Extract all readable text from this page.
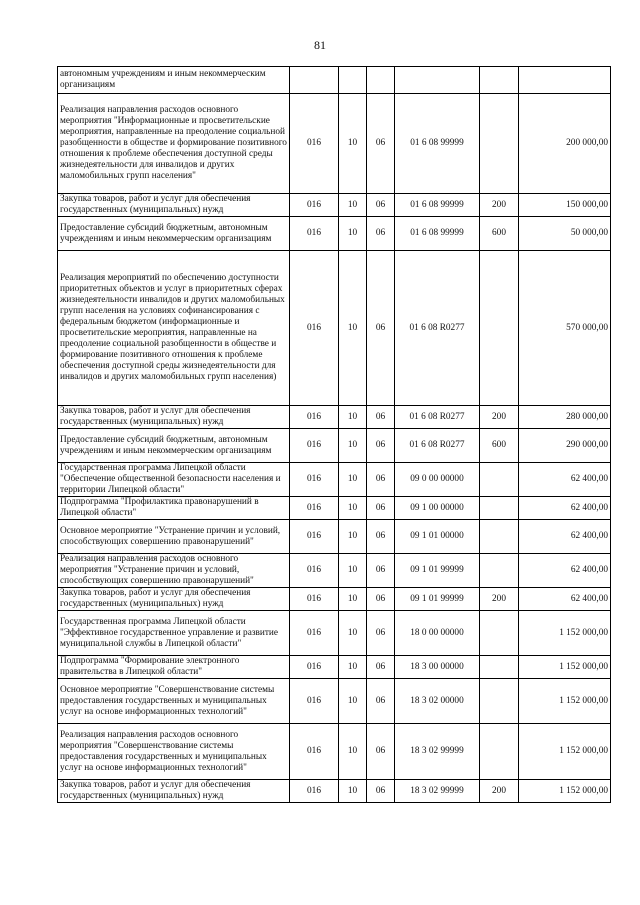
81
автономным учреждениям и иным некоммерческим организациям						
Реализация направления расходов основного мероприятия "Информационные и просветительские мероприятия, направленные на преодоление социальной разобщенности в обществе и формирование позитивного отношения к проблеме обеспечения доступной среды жизнедеятельности для инвалидов и других маломобильных групп населения"	016	10	06	01 6 08 99999		200 000,00
Закупка товаров, работ и услуг для обеспечения государственных (муниципальных) нужд	016	10	06	01 6 08 99999	200	150 000,00
Предоставление субсидий бюджетным, автономным учреждениям и иным некоммерческим организациям	016	10	06	01 6 08 99999	600	50 000,00
Реализация мероприятий по обеспечению доступности приоритетных объектов и услуг в приоритетных сферах жизнедеятельности инвалидов и других маломобильных групп населения на условиях софинансирования с федеральным бюджетом (информационные и просветительские мероприятия, направленные на преодоление социальной разобщенности в обществе и формирование позитивного отношения к проблеме обеспечения доступной среды жизнедеятельности для инвалидов и других маломобильных групп населения)	016	10	06	01 6 08 R0277		570 000,00
Закупка товаров, работ и услуг для обеспечения государственных (муниципальных) нужд	016	10	06	01 6 08 R0277	200	280 000,00
Предоставление субсидий бюджетным, автономным учреждениям и иным некоммерческим организациям	016	10	06	01 6 08 R0277	600	290 000,00
Государственная программа Липецкой области "Обеспечение общественной безопасности населения и территории Липецкой области"	016	10	06	09 0 00 00000		62 400,00
Подпрограмма "Профилактика правонарушений в Липецкой области"	016	10	06	09 1 00 00000		62 400,00
Основное мероприятие "Устранение причин и условий, способствующих совершению правонарушений"	016	10	06	09 1 01 00000		62 400,00
Реализация направления расходов основного мероприятия "Устранение причин и условий, способствующих совершению правонарушений"	016	10	06	09 1 01 99999		62 400,00
Закупка товаров, работ и услуг для обеспечения государственных (муниципальных) нужд	016	10	06	09 1 01 99999	200	62 400,00
Государственная программа Липецкой области "Эффективное государственное управление и развитие муниципальной службы в Липецкой области"	016	10	06	18 0 00 00000		1 152 000,00
Подпрограмма "Формирование электронного правительства в Липецкой области"	016	10	06	18 3 00 00000		1 152 000,00
Основное мероприятие "Совершенствование системы предоставления государственных и муниципальных услуг на основе информационных технологий"	016	10	06	18 3 02 00000		1 152 000,00
Реализация направления расходов основного мероприятия "Совершенствование системы предоставления государственных и муниципальных услуг на основе информационных технологий"	016	10	06	18 3 02 99999		1 152 000,00
Закупка товаров, работ и услуг для обеспечения государственных (муниципальных) нужд	016	10	06	18 3 02 99999	200	1 152 000,00
